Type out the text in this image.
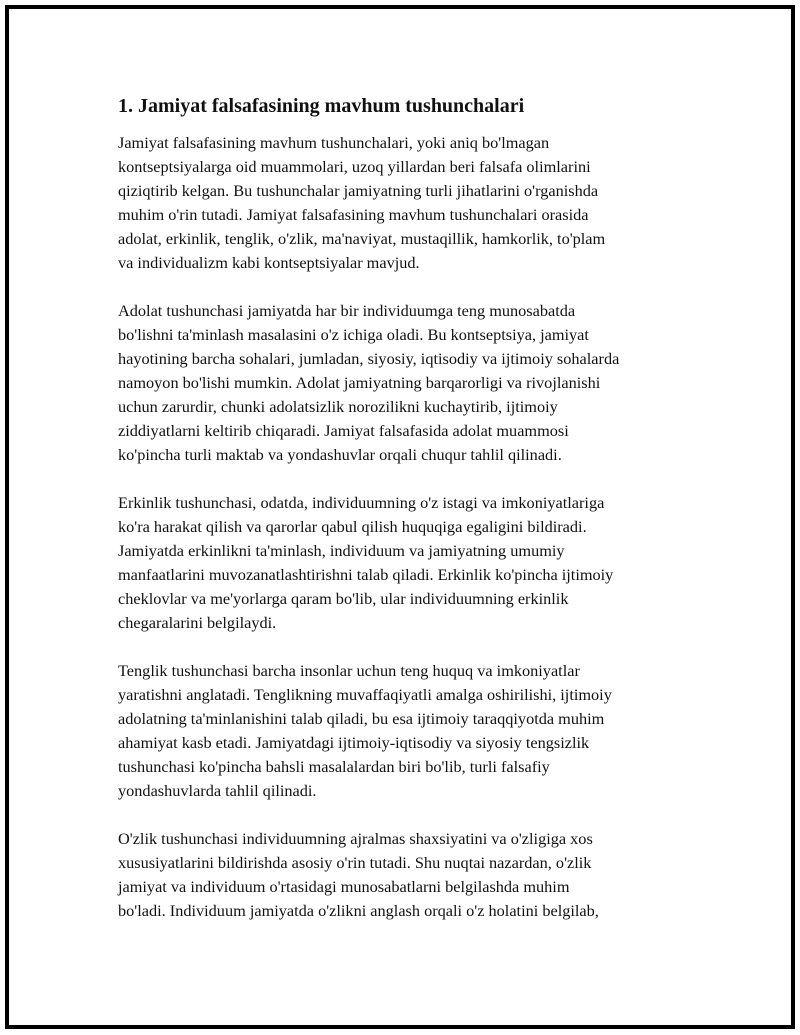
1. Jamiyat falsafasining mavhum tushunchalari

Jamiyat falsafasining mavhum tushunchalari, yoki aniq bo'lmagan
kontseptsiyalarga oid muammolari, uzoq yillardan beri falsafa olimlarini
qiziqtirib kelgan. Bu tushunchalar jamiyatning turli jihatlarini o'rganishda
muhim o'rin tutadi. Jamiyat falsafasining mavhum tushunchalari orasida
adolat, erkinlik, tenglik, o'zlik, ma'naviyat, mustaqillik, hamkorlik, to'plam
va individualizm kabi kontseptsiyalar mavjud.

Adolat tushunchasi jamiyatda har bir individuumga teng munosabatda
bo'lishni ta'minlash masalasini o'z ichiga oladi. Bu kontseptsiya, jamiyat
hayotining barcha sohalari, jumladan, siyosiy, iqtisodiy va ijtimoiy sohalarda
namoyon bo'lishi mumkin. Adolat jamiyatning barqarorligi va rivojlanishi
uchun zarurdir, chunki adolatsizlik norozilikni kuchaytirib, ijtimoiy
ziddiyatlarni keltirib chiqaradi. Jamiyat falsafasida adolat muammosi
ko'pincha turli maktab va yondashuvlar orqali chuqur tahlil qilinadi.

Erkinlik tushunchasi, odatda, individuumning o'z istagi va imkoniyatlariga
ko'ra harakat qilish va qarorlar qabul qilish huquqiga egaligini bildiradi.
Jamiyatda erkinlikni ta'minlash, individuum va jamiyatning umumiy
manfaatlarini muvozanatlashtirishni talab qiladi. Erkinlik ko'pincha ijtimoiy
cheklovlar va me'yorlarga qaram bo'lib, ular individuumning erkinlik
chegaralarini belgilaydi.

Tenglik tushunchasi barcha insonlar uchun teng huquq va imkoniyatlar
yaratishni anglatadi. Tenglikning muvaffaqiyatli amalga oshirilishi, ijtimoiy
adolatning ta'minlanishini talab qiladi, bu esa ijtimoiy taraqqiyotda muhim
ahamiyat kasb etadi. Jamiyatdagi ijtimoiy-iqtisodiy va siyosiy tengsizlik
tushunchasi ko'pincha bahsli masalalardan biri bo'lib, turli falsafiy
yondashuvlarda tahlil qilinadi.

O'zlik tushunchasi individuumning ajralmas shaxsiyatini va o'zligiga xos
xususiyatlarini bildirishda asosiy o'rin tutadi. Shu nuqtai nazardan, o'zlik
jamiyat va individuum o'rtasidagi munosabatlarni belgilashda muhim
bo'ladi. Individuum jamiyatda o'zlikni anglash orqali o'z holatini belgilab,
